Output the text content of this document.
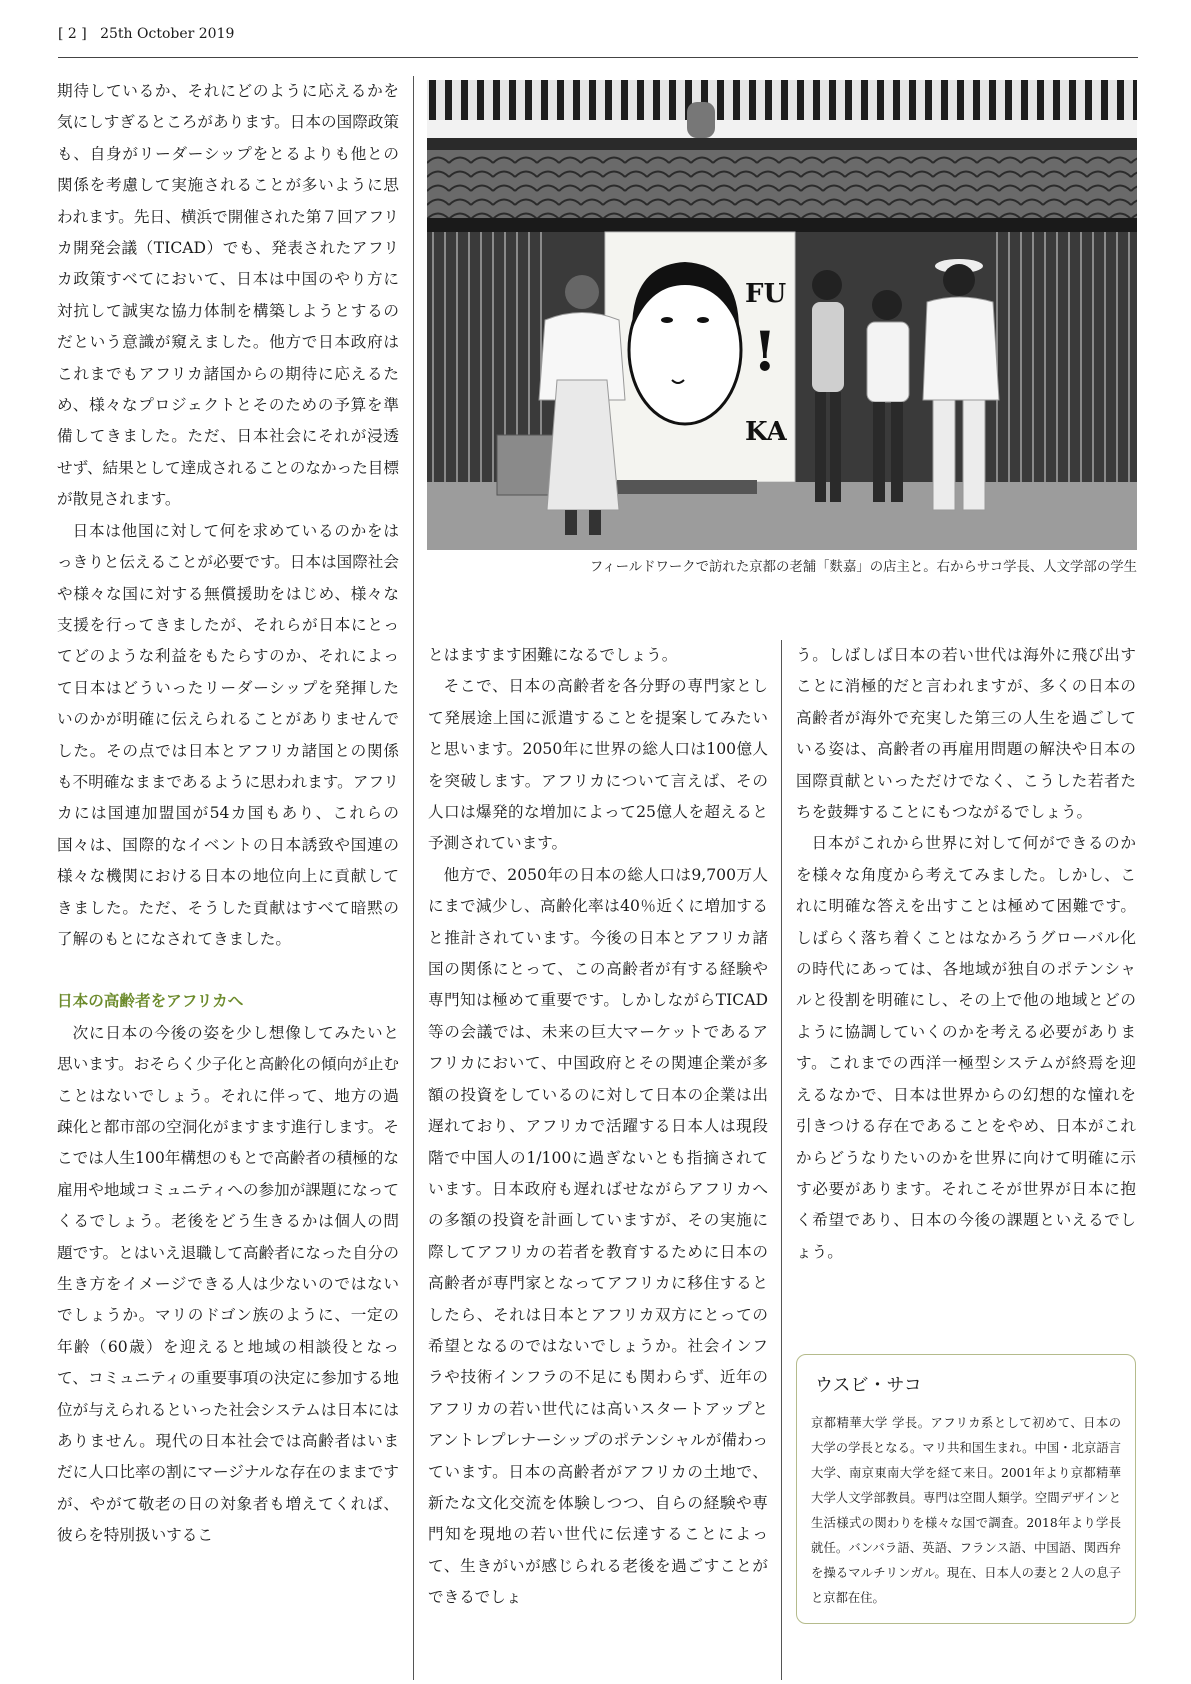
[ 2 ] 25th October 2019

期待しているか、それにどのように応えるかを気にしすぎるところがあります。日本の国際政策も、自身がリーダーシップをとるよりも他との関係を考慮して実施されることが多いように思われます。先日、横浜で開催された第７回アフリカ開発会議（TICAD）でも、発表されたアフリカ政策すべてにおいて、日本は中国のやり方に対抗して誠実な協力体制を構築しようとするのだという意識が窺えました。他方で日本政府はこれまでもアフリカ諸国からの期待に応えるため、様々なプロジェクトとそのための予算を準備してきました。ただ、日本社会にそれが浸透せず、結果として達成されることのなかった目標が散見されます。

日本は他国に対して何を求めているのかをはっきりと伝えることが必要です。日本は国際社会や様々な国に対する無償援助をはじめ、様々な支援を行ってきましたが、それらが日本にとってどのような利益をもたらすのか、それによって日本はどういったリーダーシップを発揮したいのかが明確に伝えられることがありませんでした。その点では日本とアフリカ諸国との関係も不明確なままであるように思われます。アフリカには国連加盟国が54カ国もあり、これらの国々は、国際的なイベントの日本誘致や国連の様々な機関における日本の地位向上に貢献してきました。ただ、そうした貢献はすべて暗黙の了解のもとになされてきました。

日本の高齢者をアフリカへ

次に日本の今後の姿を少し想像してみたいと思います。おそらく少子化と高齢化の傾向が止むことはないでしょう。それに伴って、地方の過疎化と都市部の空洞化がますます進行します。そこでは人生100年構想のもとで高齢者の積極的な雇用や地域コミュニティへの参加が課題になってくるでしょう。老後をどう生きるかは個人の問題です。とはいえ退職して高齢者になった自分の生き方をイメージできる人は少ないのではないでしょうか。マリのドゴン族のように、一定の年齢（60歳）を迎えると地域の相談役となって、コミュニティの重要事項の決定に参加する地位が与えられるといった社会システムは日本にはありません。現代の日本社会では高齢者はいまだに人口比率の割にマージナルな存在のままですが、やがて敬老の日の対象者も増えてくれば、彼らを特別扱いするこ

FU
!
KA
フィールドワークで訪れた京都の老舗「麩嘉」の店主と。右からサコ学長、人文学部の学生

とはますます困難になるでしょう。

そこで、日本の高齢者を各分野の専門家として発展途上国に派遣することを提案してみたいと思います。2050年に世界の総人口は100億人を突破します。アフリカについて言えば、その人口は爆発的な増加によって25億人を超えると予測されています。

他方で、2050年の日本の総人口は9,700万人にまで減少し、高齢化率は40％近くに増加すると推計されています。今後の日本とアフリカ諸国の関係にとって、この高齢者が有する経験や専門知は極めて重要です。しかしながらTICAD等の会議では、未来の巨大マーケットであるアフリカにおいて、中国政府とその関連企業が多額の投資をしているのに対して日本の企業は出遅れており、アフリカで活躍する日本人は現段階で中国人の1/100に過ぎないとも指摘されています。日本政府も遅ればせながらアフリカへの多額の投資を計画していますが、その実施に際してアフリカの若者を教育するために日本の高齢者が専門家となってアフリカに移住するとしたら、それは日本とアフリカ双方にとっての希望となるのではないでしょうか。社会インフラや技術インフラの不足にも関わらず、近年のアフリカの若い世代には高いスタートアップとアントレプレナーシップのポテンシャルが備わっています。日本の高齢者がアフリカの土地で、新たな文化交流を体験しつつ、自らの経験や専門知を現地の若い世代に伝達することによって、生きがいが感じられる老後を過ごすことができるでしょ

う。しばしば日本の若い世代は海外に飛び出すことに消極的だと言われますが、多くの日本の高齢者が海外で充実した第三の人生を過ごしている姿は、高齢者の再雇用問題の解決や日本の国際貢献といっただけでなく、こうした若者たちを鼓舞することにもつながるでしょう。

日本がこれから世界に対して何ができるのかを様々な角度から考えてみました。しかし、これに明確な答えを出すことは極めて困難です。しばらく落ち着くことはなかろうグローバル化の時代にあっては、各地域が独自のポテンシャルと役割を明確にし、その上で他の地域とどのように協調していくのかを考える必要があります。これまでの西洋一極型システムが終焉を迎えるなかで、日本は世界からの幻想的な憧れを引きつける存在であることをやめ、日本がこれからどうなりたいのかを世界に向けて明確に示す必要があります。それこそが世界が日本に抱く希望であり、日本の今後の課題といえるでしょう。

ウスビ・サコ
京都精華大学 学長。アフリカ系として初めて、日本の大学の学長となる。マリ共和国生まれ。中国・北京語言大学、南京東南大学を経て来日。2001年より京都精華大学人文学部教員。専門は空間人類学。空間デザインと生活様式の関わりを様々な国で調査。2018年より学長就任。バンバラ語、英語、フランス語、中国語、関西弁を操るマルチリンガル。現在、日本人の妻と２人の息子と京都在住。
